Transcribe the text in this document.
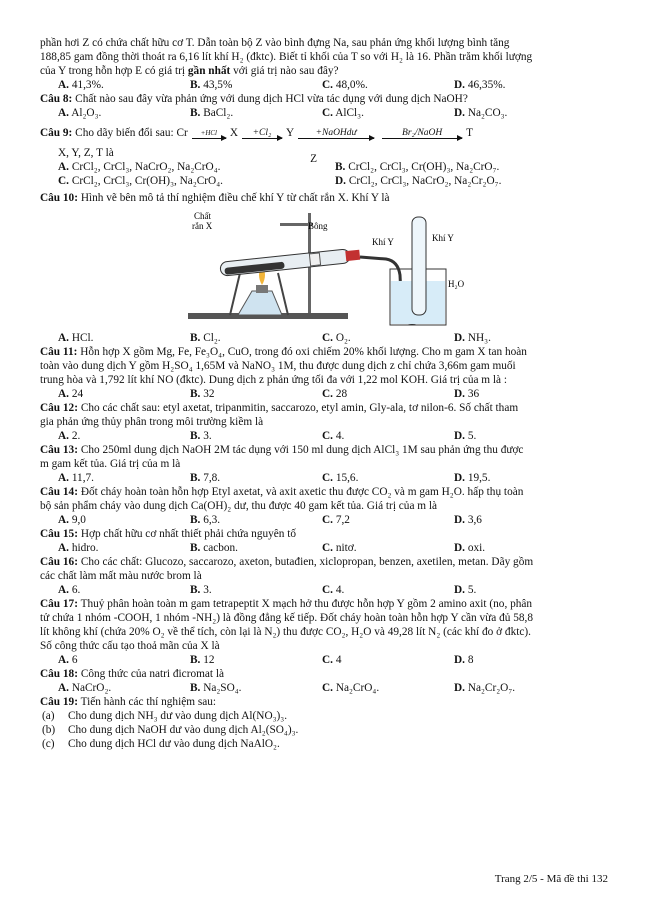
phần hơi Z có chứa chất hữu cơ T. Dẫn toàn bộ Z vào bình đựng Na, sau phản ứng khối lượng bình tăng

188,85 gam đồng thời thoát ra 6,16 lít khí H₂ (đktc). Biết tỉ khối của T so với H₂ là 16. Phần trăm khối lượng

của Y trong hỗn hợp E có giá trị gần nhất với giá trị nào sau đây?

A. 41,3%.	B. 43,5%	C. 48,0%.	D. 46,35%.

Câu 8: Chất nào sau đây vừa phản ứng với dung dịch HCl vừa tác dụng với dung dịch NaOH?

A. Al₂O₃.	B. BaCl₂.	C. AlCl₃.	D. Na₂CO₃.
Câu 9:
Cho dãy biến đổi sau:
Cr +HCl X +Cl₂ Y +NaOHdư
Z
Br₂/NaOH T

X, Y, Z, T là

A. CrCl₂, CrCl₃, NaCrO₂, Na₂CrO₄.	B. CrCl₂, CrCl₃, Cr(OH)₃, Na₂CrO₇.
C. CrCl₂, CrCl₃, Cr(OH)₃, Na₂CrO₄.	D. CrCl₂, CrCl₃, NaCrO₂, Na₂Cr₂O₇.

Câu 10: Hình vẽ bên mô tả thí nghiệm điều chế khí Y từ chất rắn X. Khí Y là

Chất rắn X	Bông
Khí Y	Khí Y
H₂O
A. HCl.	B. Cl₂.	C. O₂.	D. NH₃.

Câu 11: Hỗn hợp X gồm Mg, Fe, Fe₃O₄, CuO, trong đó oxi chiếm 20% khối lượng. Cho m gam X tan hoàn

toàn vào dung dịch Y gồm H₂SO₄ 1,65M và NaNO₃ 1M, thu được dung dịch z chỉ chứa 3,66m gam muối

trung hòa và 1,792 lít khí NO (đktc). Dung dịch z phản ứng tối đa với 1,22 mol KOH. Giá trị của m là :

A. 24	B. 32	C. 28	D. 36

Câu 12: Cho các chất sau: etyl axetat, tripanmitin, saccarozo, etyl amin, Gly-ala, tơ nilon-6. Số chất tham

gia phản ứng thủy phân trong môi trường kiềm là

A. 2.	B. 3.	C. 4.	D. 5.

Câu 13: Cho 250ml dung dịch NaOH 2M tác dụng với 150 ml dung dịch AlCl₃ 1M sau phản ứng thu được

m gam kết tủa. Giá trị của m là

A. 11,7.	B. 7,8.	C. 15,6.	D. 19,5.

Câu 14: Đốt cháy hoàn toàn hỗn hợp Etyl axetat, và axit axetic thu được CO₂ và m gam H₂O. hấp thụ toàn

bộ sản phẩm cháy vào dung dịch Ca(OH)₂ dư, thu được 40 gam kết tủa. Giá trị của m là

A. 9,0	B. 6,3.	C. 7,2	D. 3,6

Câu 15: Hợp chất hữu cơ nhất thiết phải chứa nguyên tố

A. hidro.	B. cacbon.	C. nitơ.	D. oxi.

Câu 16: Cho các chất: Glucozo, saccarozo, axeton, butađien, xiclopropan, benzen, axetilen, metan. Dãy gồm

các chất làm mất màu nước brom là

A. 6.	B. 3.	C. 4.	D. 5.

Câu 17: Thuỷ phân hoàn toàn m gam tetrapeptit X mạch hở thu được hỗn hợp Y gồm 2 amino axit (no, phân

tử chứa 1 nhóm -COOH, 1 nhóm -NH₂) là đồng đẳng kế tiếp. Đốt cháy hoàn toàn hỗn hợp Y cần vừa đủ 58,8

lít không khí (chứa 20% O₂ về thể tích, còn lại là N₂) thu được CO₂, H₂O và 49,28 lít N₂ (các khí đo ở đktc).

Số công thức cấu tạo thoả mãn của X là

A. 6	B. 12	C. 4	D. 8

Câu 18: Công thức của natri đicromat là

A. NaCrO₂.	B. Na₂SO₄.	C. Na₂CrO₄.	D. Na₂Cr₂O₇.

Câu 19: Tiến hành các thí nghiệm sau:

(a)	Cho dung dịch NH₃ dư vào dung dịch Al(NO₃)₃.

(b)	Cho dung dịch NaOH dư vào dung dịch Al₂(SO₄)₃.

(c)	Cho dung dịch HCl dư vào dung dịch NaAlO₂.

Trang 2/5 - Mã đề thi 132
